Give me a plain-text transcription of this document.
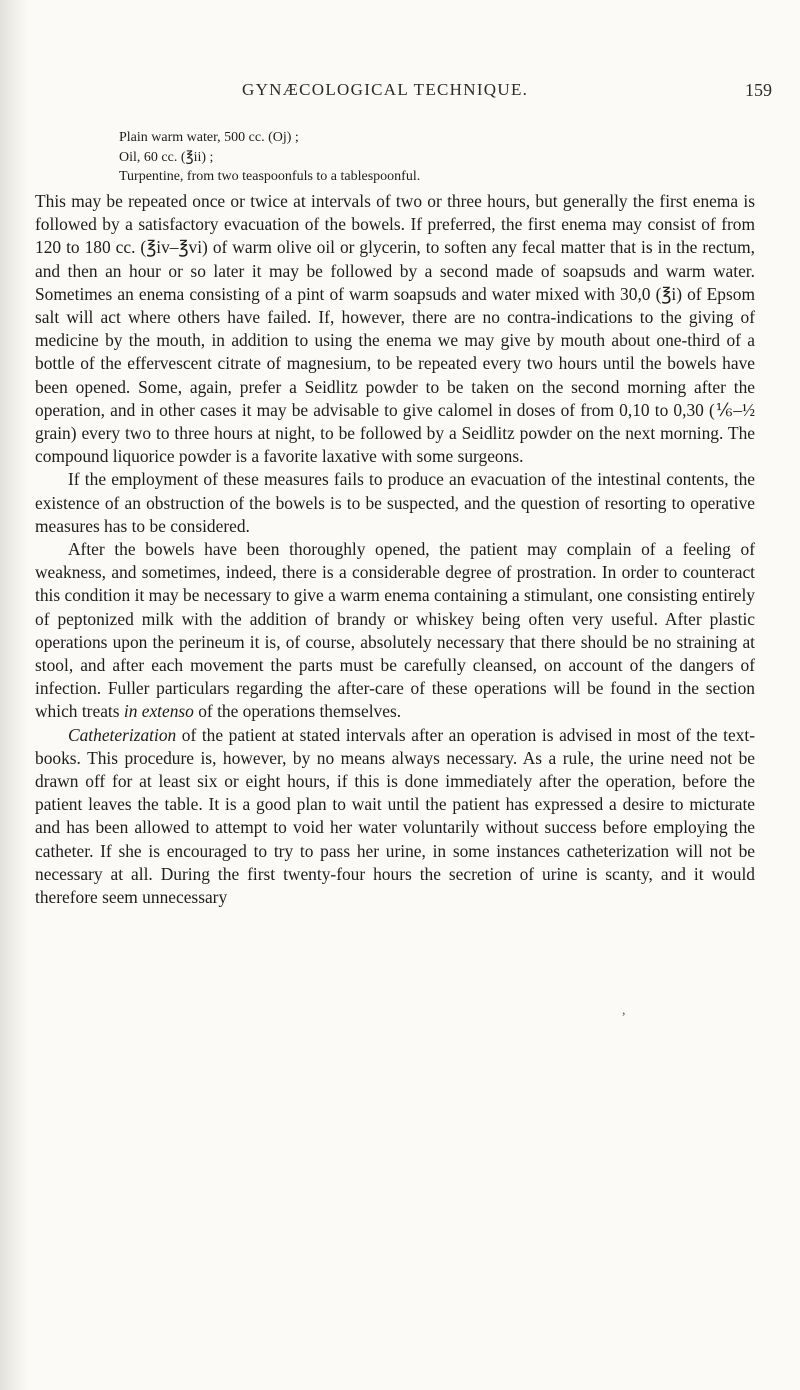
GYNÆCOLOGICAL TECHNIQUE.	159
Plain warm water, 500 cc. (Oj) ;
Oil, 60 cc. (℥ii) ;
Turpentine, from two teaspoonfuls to a tablespoonful.

This may be repeated once or twice at intervals of two or three hours, but generally the first enema is followed by a satisfactory evacuation of the bowels. If preferred, the first enema may consist of from 120 to 180 cc. (℥iv–℥vi) of warm olive oil or glycerin, to soften any fecal matter that is in the rectum, and then an hour or so later it may be followed by a second made of soapsuds and warm water. Sometimes an enema consisting of a pint of warm soapsuds and water mixed with 30,0 (℥i) of Epsom salt will act where others have failed. If, however, there are no contra-indications to the giving of medicine by the mouth, in addition to using the enema we may give by mouth about one-third of a bottle of the effervescent citrate of magnesium, to be repeated every two hours until the bowels have been opened. Some, again, prefer a Seidlitz powder to be taken on the second morning after the operation, and in other cases it may be advisable to give calomel in doses of from 0,10 to 0,30 (⅙–½ grain) every two to three hours at night, to be followed by a Seidlitz powder on the next morning. The compound liquorice powder is a favorite laxative with some surgeons.

If the employment of these measures fails to produce an evacuation of the intestinal contents, the existence of an obstruction of the bowels is to be suspected, and the question of resorting to operative measures has to be considered.

After the bowels have been thoroughly opened, the patient may complain of a feeling of weakness, and sometimes, indeed, there is a considerable degree of prostration. In order to counteract this condition it may be necessary to give a warm enema containing a stimulant, one consisting entirely of peptonized milk with the addition of brandy or whiskey being often very useful. After plastic operations upon the perineum it is, of course, absolutely necessary that there should be no straining at stool, and after each movement the parts must be carefully cleansed, on account of the dangers of infection. Fuller particulars regarding the after-care of these operations will be found in the section which treats in extenso of the operations themselves.

Catheterization of the patient at stated intervals after an operation is advised in most of the text-books. This procedure is, however, by no means always necessary. As a rule, the urine need not be drawn off for at least six or eight hours, if this is done immediately after the operation, before the patient leaves the table. It is a good plan to wait until the patient has expressed a desire to micturate and has been allowed to attempt to void her water voluntarily without success before employing the catheter. If she is encouraged to try to pass her urine, in some instances catheterization will not be necessary at all. During the first twenty-four hours the secretion of urine is scanty, and it would therefore seem unnecessary

,
